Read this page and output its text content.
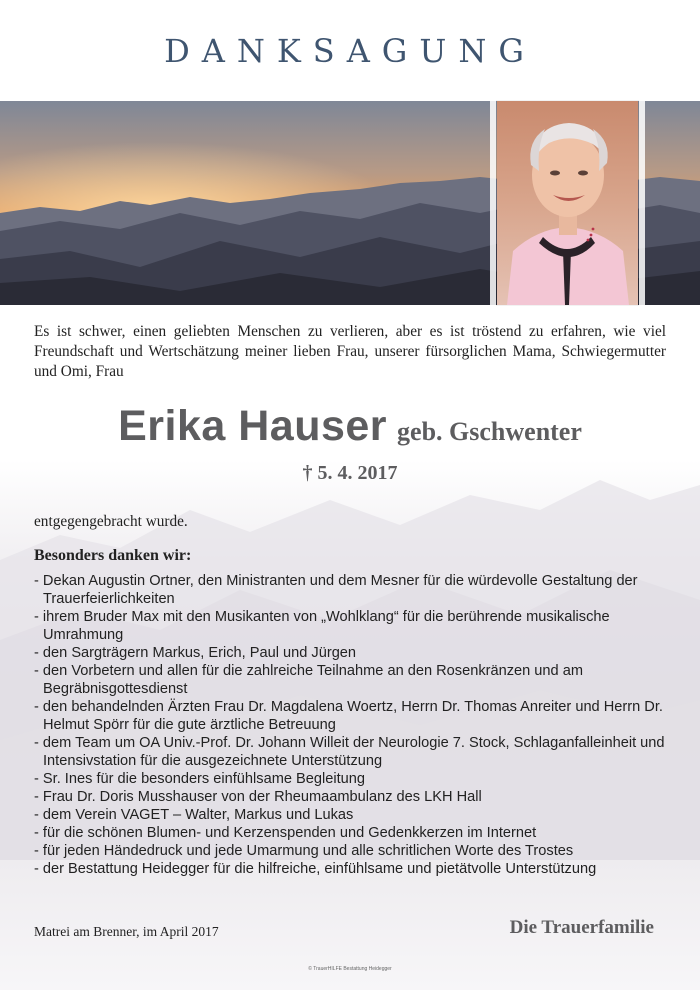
DANKSAGUNG
Es ist schwer, einen geliebten Menschen zu verlieren, aber es ist tröstend zu erfahren, wie viel Freundschaft und Wertschätzung meiner lieben Frau, unserer fürsorglichen Mama, Schwiegermutter und Omi, Frau
Erika Hauser geb. Gschwenter
† 5. 4. 2017
entgegengebracht wurde.
Besonders danken wir:
- Dekan Augustin Ortner, den Ministranten und dem Mesner für die würdevolle Gestaltung der Trauerfeierlichkeiten
- ihrem Bruder Max mit den Musikanten von „Wohlklang“ für die berührende musikalische Umrahmung
- den Sargträgern Markus, Erich, Paul und Jürgen
- den Vorbetern und allen für die zahlreiche Teilnahme an den Rosenkränzen und am Begräbnisgottesdienst
- den behandelnden Ärzten Frau Dr. Magdalena Woertz, Herrn Dr. Thomas Anreiter und Herrn Dr. Helmut Spörr für die gute ärztliche Betreuung
- dem Team um OA Univ.-Prof. Dr. Johann Willeit der Neurologie 7. Stock, Schlaganfalleinheit und Intensivstation für die ausgezeichnete Unterstützung
- Sr. Ines für die besonders einfühlsame Begleitung
- Frau Dr. Doris Musshauser von der Rheumaambulanz des LKH Hall
- dem Verein VAGET – Walter, Markus und Lukas
- für die schönen Blumen- und Kerzenspenden und Gedenkkerzen im Internet
- für jeden Händedruck und jede Umarmung und alle schritlichen Worte des Trostes
- der Bestattung Heidegger für die hilfreiche, einfühlsame und pietätvolle Unterstützung
Matrei am Brenner, im April 2017	Die Trauerfamilie
© TrauerHILFE Bestattung Heidegger
